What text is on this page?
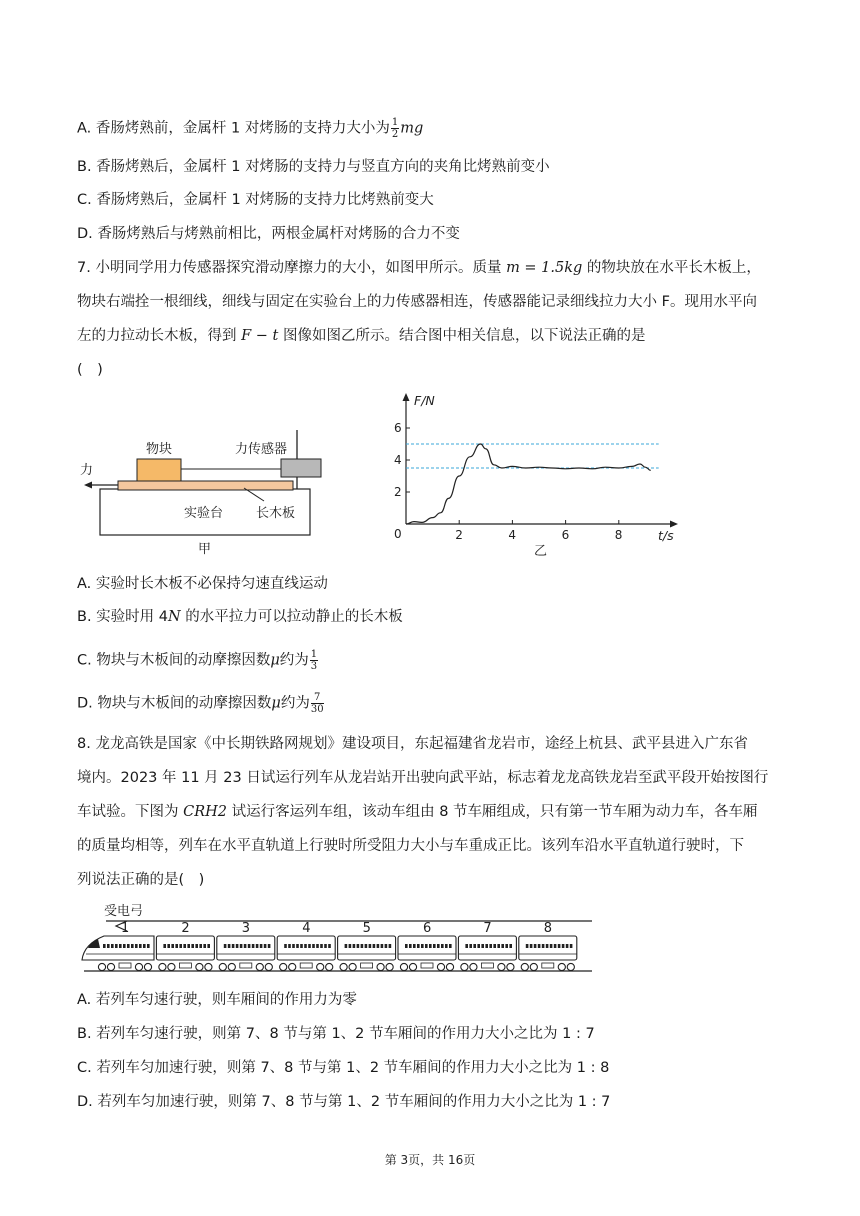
A. 香肠烤熟前，金属杆 1 对烤肠的支持力大小为 $\frac{1}{2}$ mg
B. 香肠烤熟后，金属杆 1 对烤肠的支持力与竖直方向的夹角比烤熟前变小
C. 香肠烤熟后，金属杆 1 对烤肠的支持力比烤熟前变大
D. 香肠烤熟后与烤熟前相比，两根金属杆对烤肠的合力不变
7. 小明同学用力传感器探究滑动摩擦力的大小，如图甲所示。质量 m = 1.5kg 的物块放在水平长木板上，
物块右端拴一根细线，细线与固定在实验台上的力传感器相连，传感器能记录细线拉力大小 F。现用水平向
左的力拉动长木板，得到 F − t 图像如图乙所示。结合图中相关信息，以下说法正确的是
(　)
物块	力传感器
力
实验台	长木板
甲
F/N
t/s
乙
2	4	6	8
2
4
6
0
A. 实验时长木板不必保持匀速直线运动
B. 实验时用 4N 的水平拉力可以拉动静止的长木板
C. 物块与木板间的动摩擦因数μ约为 $\frac{1}{3}$
D. 物块与木板间的动摩擦因数μ约为 $\frac{7}{30}$
8. 龙龙高铁是国家《中长期铁路网规划》建设项目，东起福建省龙岩市，途经上杭县、武平县进入广东省
境内。2023 年 11 月 23 日试运行列车从龙岩站开出驶向武平站，标志着龙龙高铁龙岩至武平段开始按图行
车试验。下图为 CRH2 试运行客运列车组，该动车组由 8 节车厢组成，只有第一节车厢为动力车，各车厢
的质量均相等，列车在水平直轨道上行驶时所受阻力大小与车重成正比。该列车沿水平直轨道行驶时，下
列说法正确的是(　)
受电弓
1	2	3	4	5	6	7	8
A. 若列车匀速行驶，则车厢间的作用力为零
B. 若列车匀速行驶，则第 7、8 节与第 1、2 节车厢间的作用力大小之比为 1 : 7
C. 若列车匀加速行驶，则第 7、8 节与第 1、2 节车厢间的作用力大小之比为 1 : 8
D. 若列车匀加速行驶，则第 7、8 节与第 1、2 节车厢间的作用力大小之比为 1 : 7
第 3页，共 16页
